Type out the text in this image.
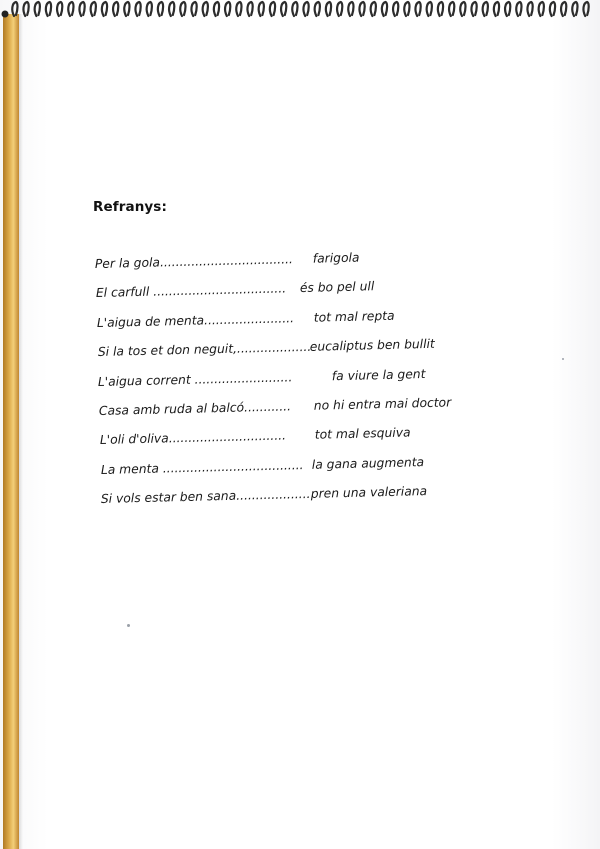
Refranys:
Per la gola.................................. farigola
El carfull .................................. és bo pel ull
L'aigua de menta....................... tot mal repta
Si la tos et don neguit,...................
eucaliptus ben bullit
L'aigua corrent .........................	fa viure la gent
Casa amb ruda al balcó............ no hi entra mai doctor
L'oli d'oliva.............................. tot mal esquiva
La menta .................................... la gana augmenta
Si vols estar ben sana................... pren una valeriana
